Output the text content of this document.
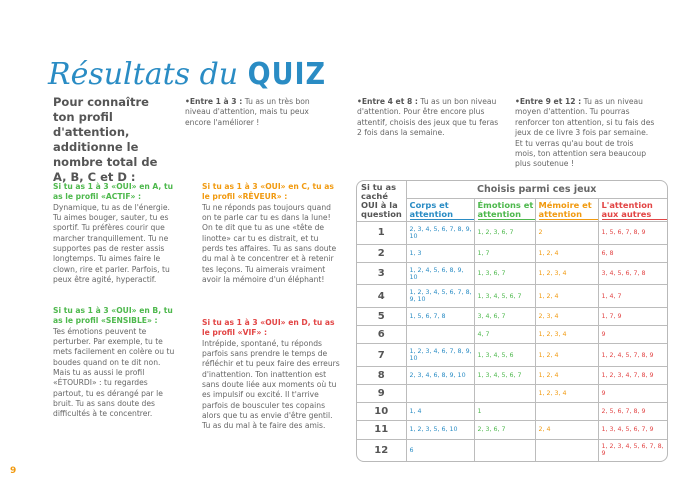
Résultats du QUIZ
Pour connaître ton profil d'attention, additionne le nombre total de A, B, C et D :
•Entre 1 à 3 : Tu as un très bon niveau d'attention, mais tu peux encore l'améliorer !
•Entre 4 et 8 : Tu as un bon niveau d'attention. Pour être encore plus attentif, choisis des jeux que tu feras 2 fois dans la semaine.
•Entre 9 et 12 : Tu as un niveau moyen d'attention. Tu pourras renforcer ton attention, si tu fais des jeux de ce livre 3 fois par semaine. Et tu verras qu'au bout de trois mois, ton attention sera beaucoup plus soutenue !
Si tu as 1 à 3 «OUI» en A, tu as le profil «ACTIF» :
Dynamique, tu as de l'énergie. Tu aimes bouger, sauter, tu es sportif. Tu préfères courir que marcher tranquillement. Tu ne supportes pas de rester assis longtemps. Tu aimes faire le clown, rire et parler. Parfois, tu peux être agité, hyperactif.
Si tu as 1 à 3 «OUI» en B, tu as le profil «SENSIBLE» :
Tes émotions peuvent te perturber. Par exemple, tu te mets facilement en colère ou tu boudes quand on te dit non. Mais tu as aussi le profil «ÉTOURDI» : tu regardes partout, tu es dérangé par le bruit. Tu as sans doute des difficultés à te concentrer.
Si tu as 1 à 3 «OUI» en C, tu as le profil «RÊVEUR» :
Tu ne réponds pas toujours quand on te parle car tu es dans la lune! On te dit que tu as une «tête de linotte» car tu es distrait, et tu perds tes affaires. Tu as sans doute du mal à te concentrer et à retenir tes leçons. Tu aimerais vraiment avoir la mémoire d'un éléphant!
Si tu as 1 à 3 «OUI» en D, tu as le profil «VIF» :
Intrépide, spontané, tu réponds parfois sans prendre le temps de réfléchir et tu peux faire des erreurs d'inattention. Ton inattention est sans doute liée aux moments où tu es impulsif ou excité. Il t'arrive parfois de bousculer tes copains alors que tu as envie d'être gentil. Tu as du mal à te faire des amis.
Si tu as caché OUI à la question	Choisis parmi ces jeux			
	Corps et attention	Émotions et attention	Mémoire et attention	L'attention aux autres
1	2, 3, 4, 5, 6, 7, 8, 9, 10	1, 2, 3, 6, 7	2	1, 5, 6, 7, 8, 9
2	1, 3	1, 7	1, 2, 4	6, 8
3	1, 2, 4, 5, 6, 8, 9, 10	1, 3, 6, 7	1, 2, 3, 4	3, 4, 5, 6, 7, 8
4	1, 2, 3, 4, 5, 6, 7, 8, 9, 10	1, 3, 4, 5, 6, 7	1, 2, 4	1, 4, 7
5	1, 5, 6, 7, 8	3, 4, 6, 7	2, 3, 4	1, 7, 9
6		4, 7	1, 2, 3, 4	9
7	1, 2, 3, 4, 6, 7, 8, 9, 10	1, 3, 4, 5, 6	1, 2, 4	1, 2, 4, 5, 7, 8, 9
8	2, 3, 4, 6, 8, 9, 10	1, 3, 4, 5, 6, 7	1, 2, 4	1, 2, 3, 4, 7, 8, 9
9			1, 2, 3, 4	9
10	1, 4	1		2, 5, 6, 7, 8, 9
11	1, 2, 3, 5, 6, 10	2, 3, 6, 7	2, 4	1, 3, 4, 5, 6, 7, 9
12	6			1, 2, 3, 4, 5, 6, 7, 8, 9
9
